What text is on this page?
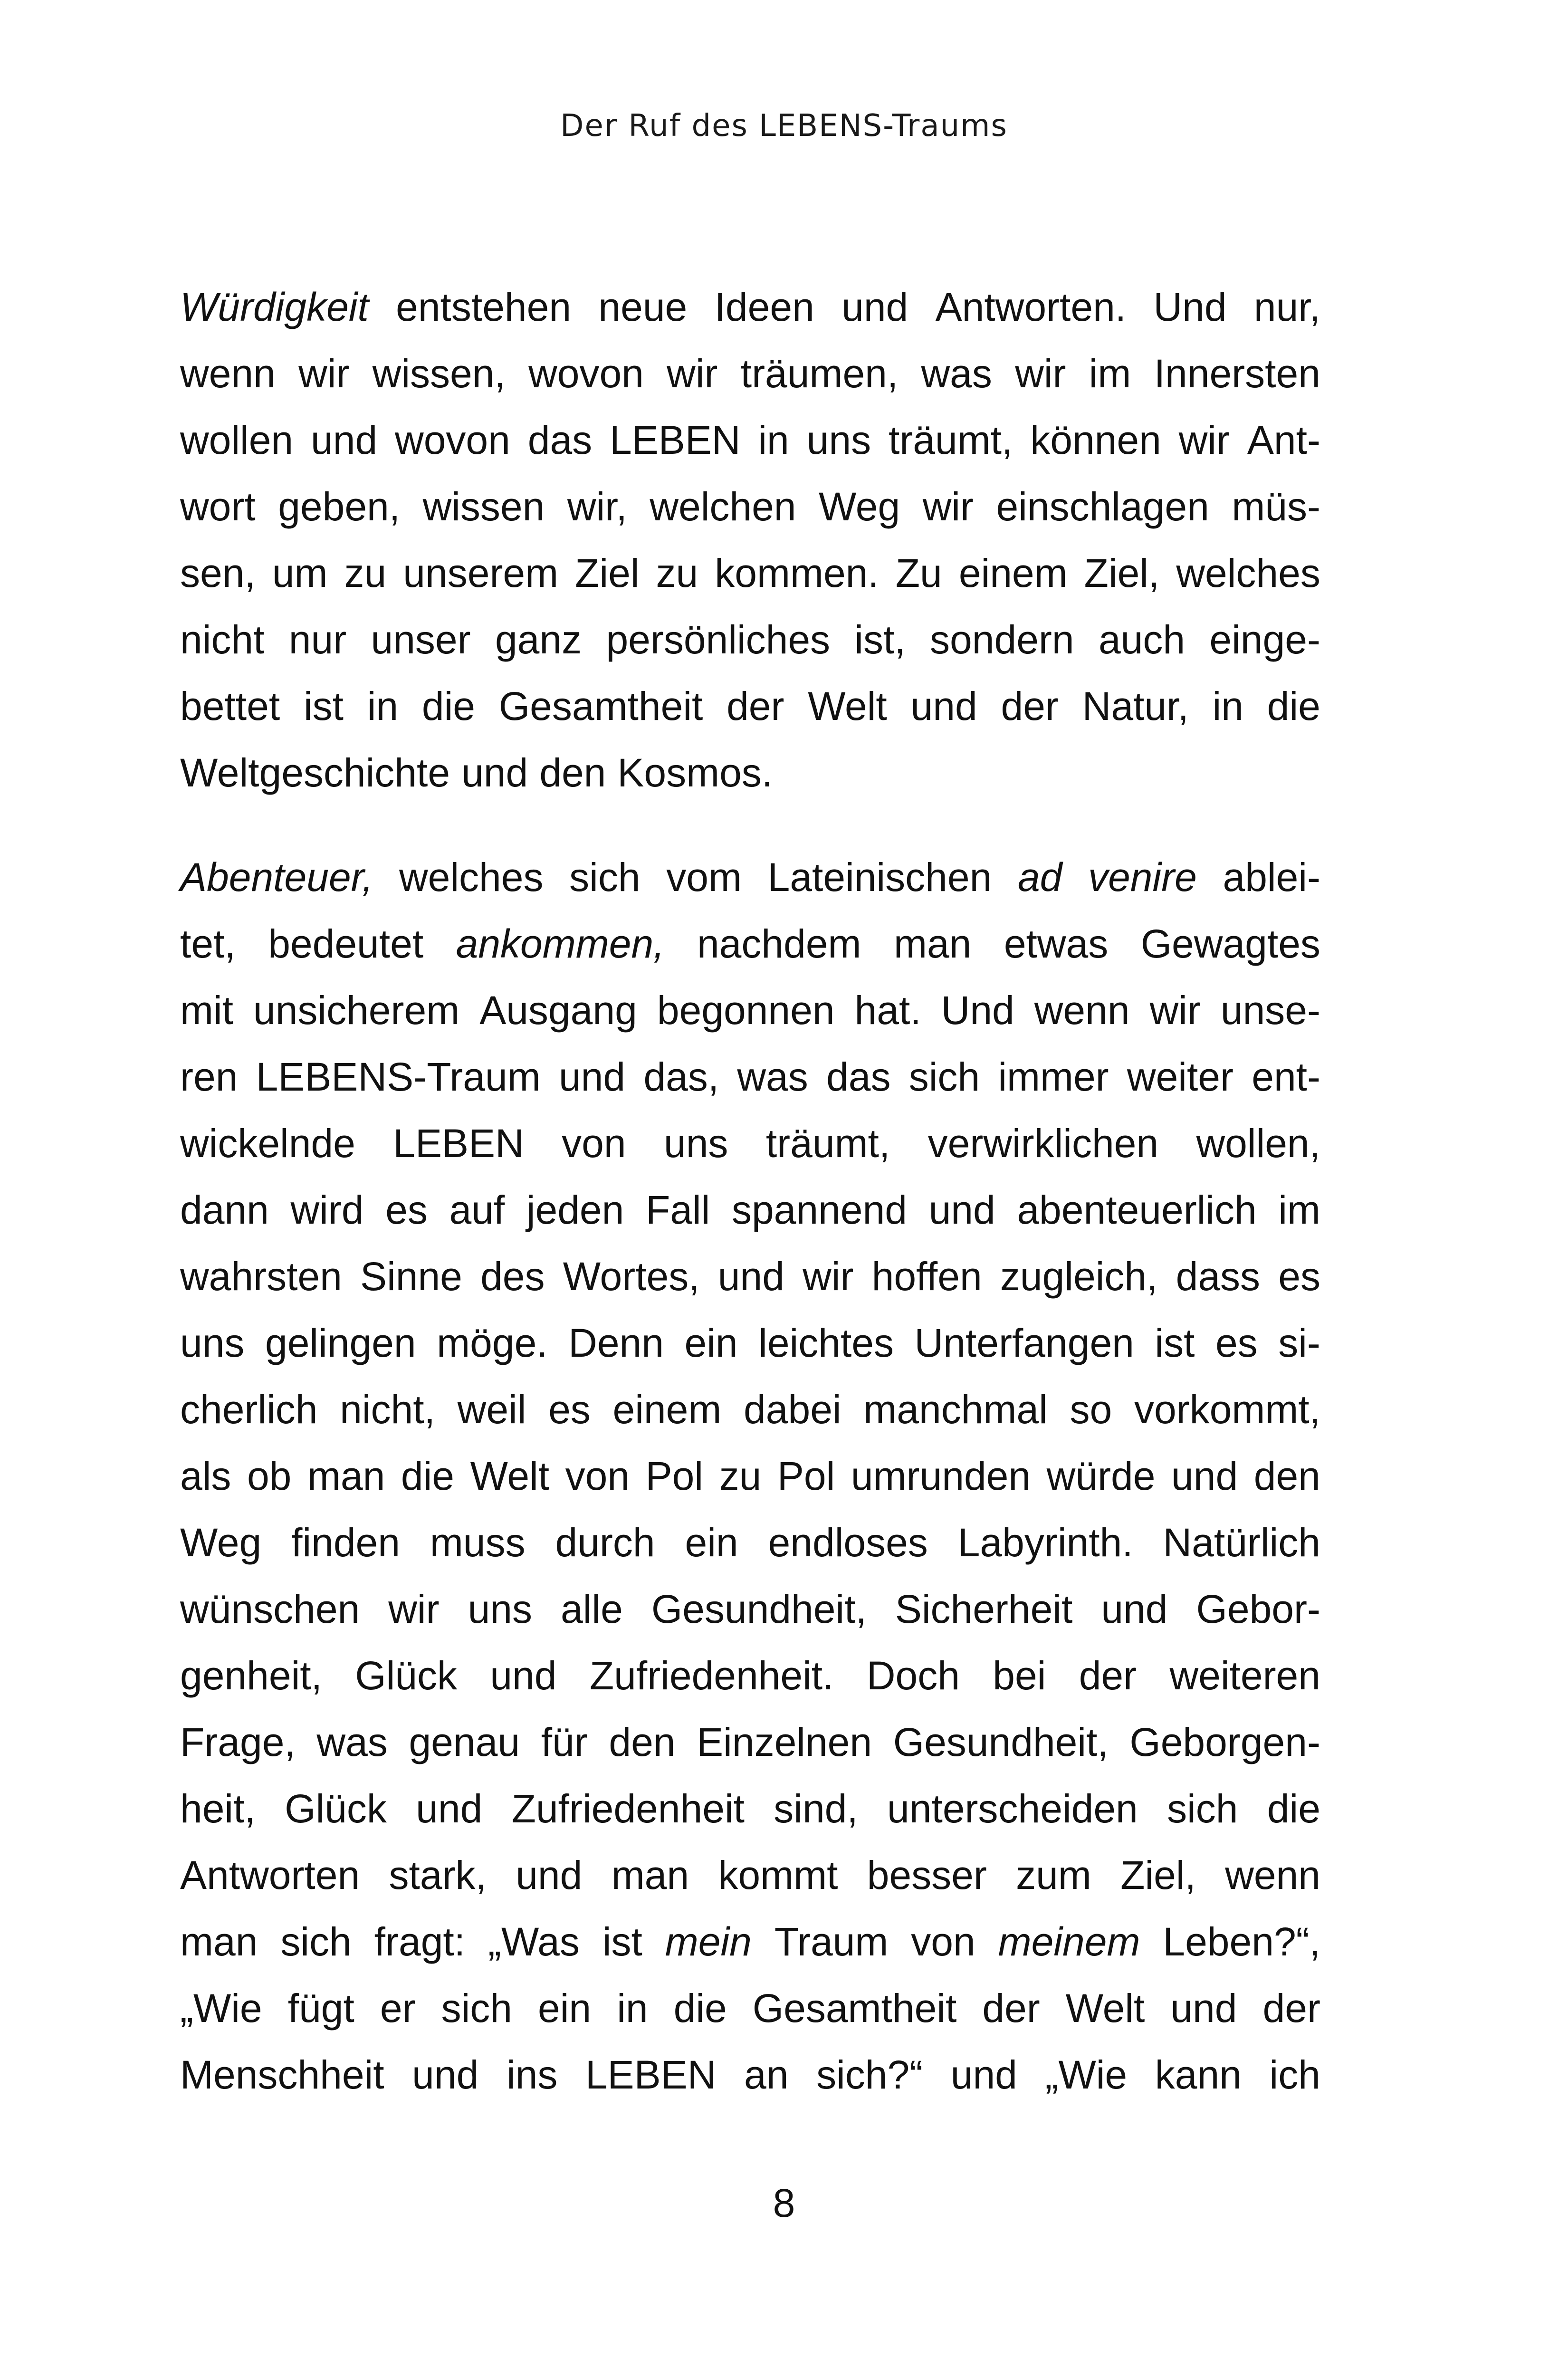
Der Ruf des LEBENS-Traums
Würdigkeit entstehen neue Ideen und Antworten. Und nur,
wenn wir wissen, wovon wir träumen, was wir im Innersten
wollen und wovon das LEBEN in uns träumt, können wir Ant-
wort geben, wissen wir, welchen Weg wir einschlagen müs-
sen, um zu unserem Ziel zu kommen. Zu einem Ziel, welches
nicht nur unser ganz persönliches ist, sondern auch einge-
bettet ist in die Gesamtheit der Welt und der Natur, in die
Weltgeschichte und den Kosmos.
Abenteuer, welches sich vom Lateinischen ad venire ablei-
tet, bedeutet ankommen, nachdem man etwas Gewagtes
mit unsicherem Ausgang begonnen hat. Und wenn wir unse-
ren LEBENS-Traum und das, was das sich immer weiter ent-
wickelnde LEBEN von uns träumt, verwirklichen wollen,
dann wird es auf jeden Fall spannend und abenteuerlich im
wahrsten Sinne des Wortes, und wir hoffen zugleich, dass es
uns gelingen möge. Denn ein leichtes Unterfangen ist es si-
cherlich nicht, weil es einem dabei manchmal so vorkommt,
als ob man die Welt von Pol zu Pol umrunden würde und den
Weg finden muss durch ein endloses Labyrinth. Natürlich
wünschen wir uns alle Gesundheit, Sicherheit und Gebor-
genheit, Glück und Zufriedenheit. Doch bei der weiteren
Frage, was genau für den Einzelnen Gesundheit, Geborgen-
heit, Glück und Zufriedenheit sind, unterscheiden sich die
Antworten stark, und man kommt besser zum Ziel, wenn
man sich fragt: „Was ist mein Traum von meinem Leben?“,
„Wie fügt er sich ein in die Gesamtheit der Welt und der
Menschheit und ins LEBEN an sich?“ und „Wie kann ich
8
